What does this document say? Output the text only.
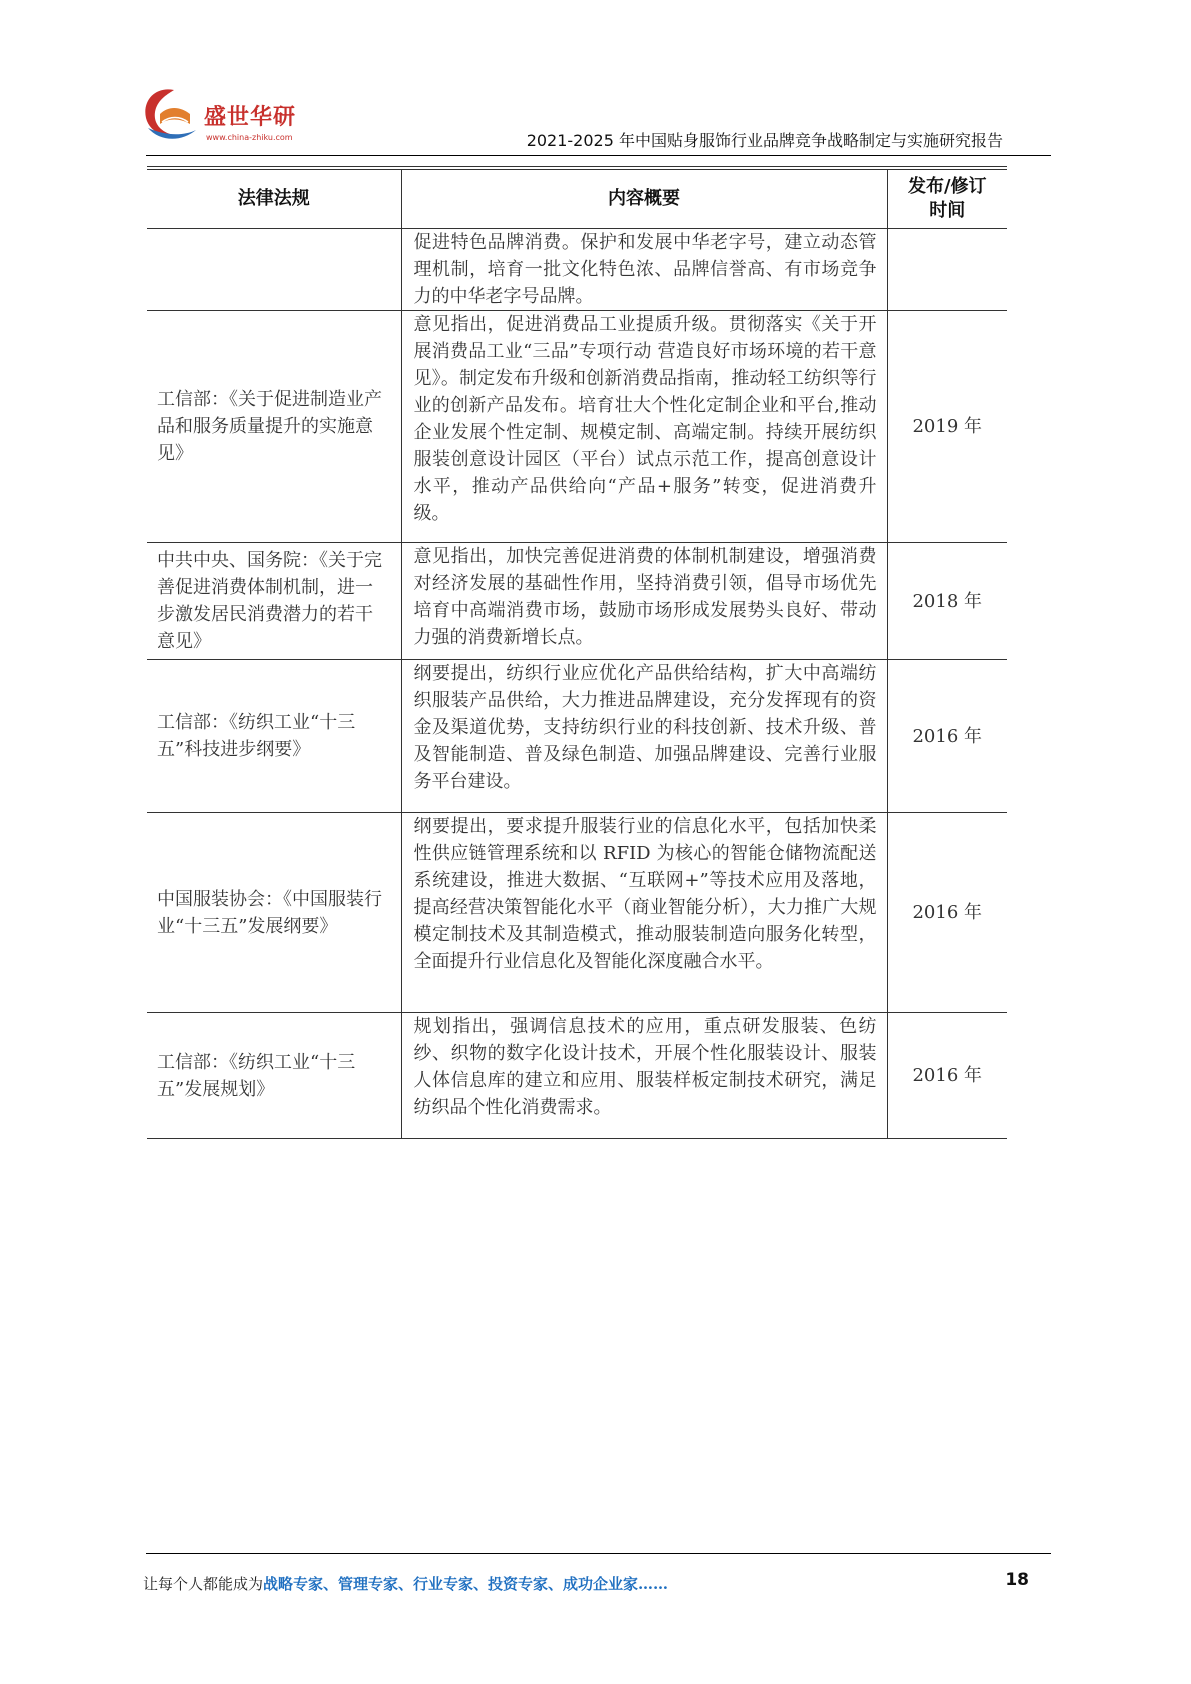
盛世华研
www.china-zhiku.com	2021-2025 年中国贴身服饰行业品牌竞争战略制定与实施研究报告
法律法规	内容概要	发布/修订时间
	促进特色品牌消费。保护和发展中华老字号，建立动态管理机制，培育一批文化特色浓、品牌信誉高、有市场竞争力的中华老字号品牌。	
工信部：《关于促进制造业产品和服务质量提升的实施意见》	意见指出，促进消费品工业提质升级。贯彻落实《关于开展消费品工业“三品”专项行动 营造良好市场环境的若干意见》。制定发布升级和创新消费品指南，推动轻工纺织等行业的创新产品发布。培育壮大个性化定制企业和平台,推动企业发展个性定制、规模定制、高端定制。持续开展纺织服装创意设计园区（平台）试点示范工作，提高创意设计水平，推动产品供给向“产品+服务”转变，促进消费升级。	2019 年
中共中央、国务院：《关于完善促进消费体制机制，进一步激发居民消费潜力的若干意见》	意见指出，加快完善促进消费的体制机制建设，增强消费对经济发展的基础性作用，坚持消费引领，倡导市场优先培育中高端消费市场，鼓励市场形成发展势头良好、带动力强的消费新增长点。	2018 年
工信部：《纺织工业“十三五”科技进步纲要》	纲要提出，纺织行业应优化产品供给结构，扩大中高端纺织服装产品供给，大力推进品牌建设，充分发挥现有的资金及渠道优势，支持纺织行业的科技创新、技术升级、普及智能制造、普及绿色制造、加强品牌建设、完善行业服务平台建设。	2016 年
中国服装协会：《中国服装行业“十三五”发展纲要》	纲要提出，要求提升服装行业的信息化水平，包括加快柔性供应链管理系统和以 RFID 为核心的智能仓储物流配送系统建设，推进大数据、“互联网+”等技术应用及落地，提高经营决策智能化水平（商业智能分析），大力推广大规模定制技术及其制造模式，推动服装制造向服务化转型，全面提升行业信息化及智能化深度融合水平。	2016 年
工信部：《纺织工业“十三五”发展规划》	规划指出，强调信息技术的应用，重点研发服装、色纺纱、织物的数字化设计技术，开展个性化服装设计、服装人体信息库的建立和应用、服装样板定制技术研究，满足纺织品个性化消费需求。	2016 年
让每个人都能成为战略专家、管理专家、行业专家、投资专家、成功企业家……	18
